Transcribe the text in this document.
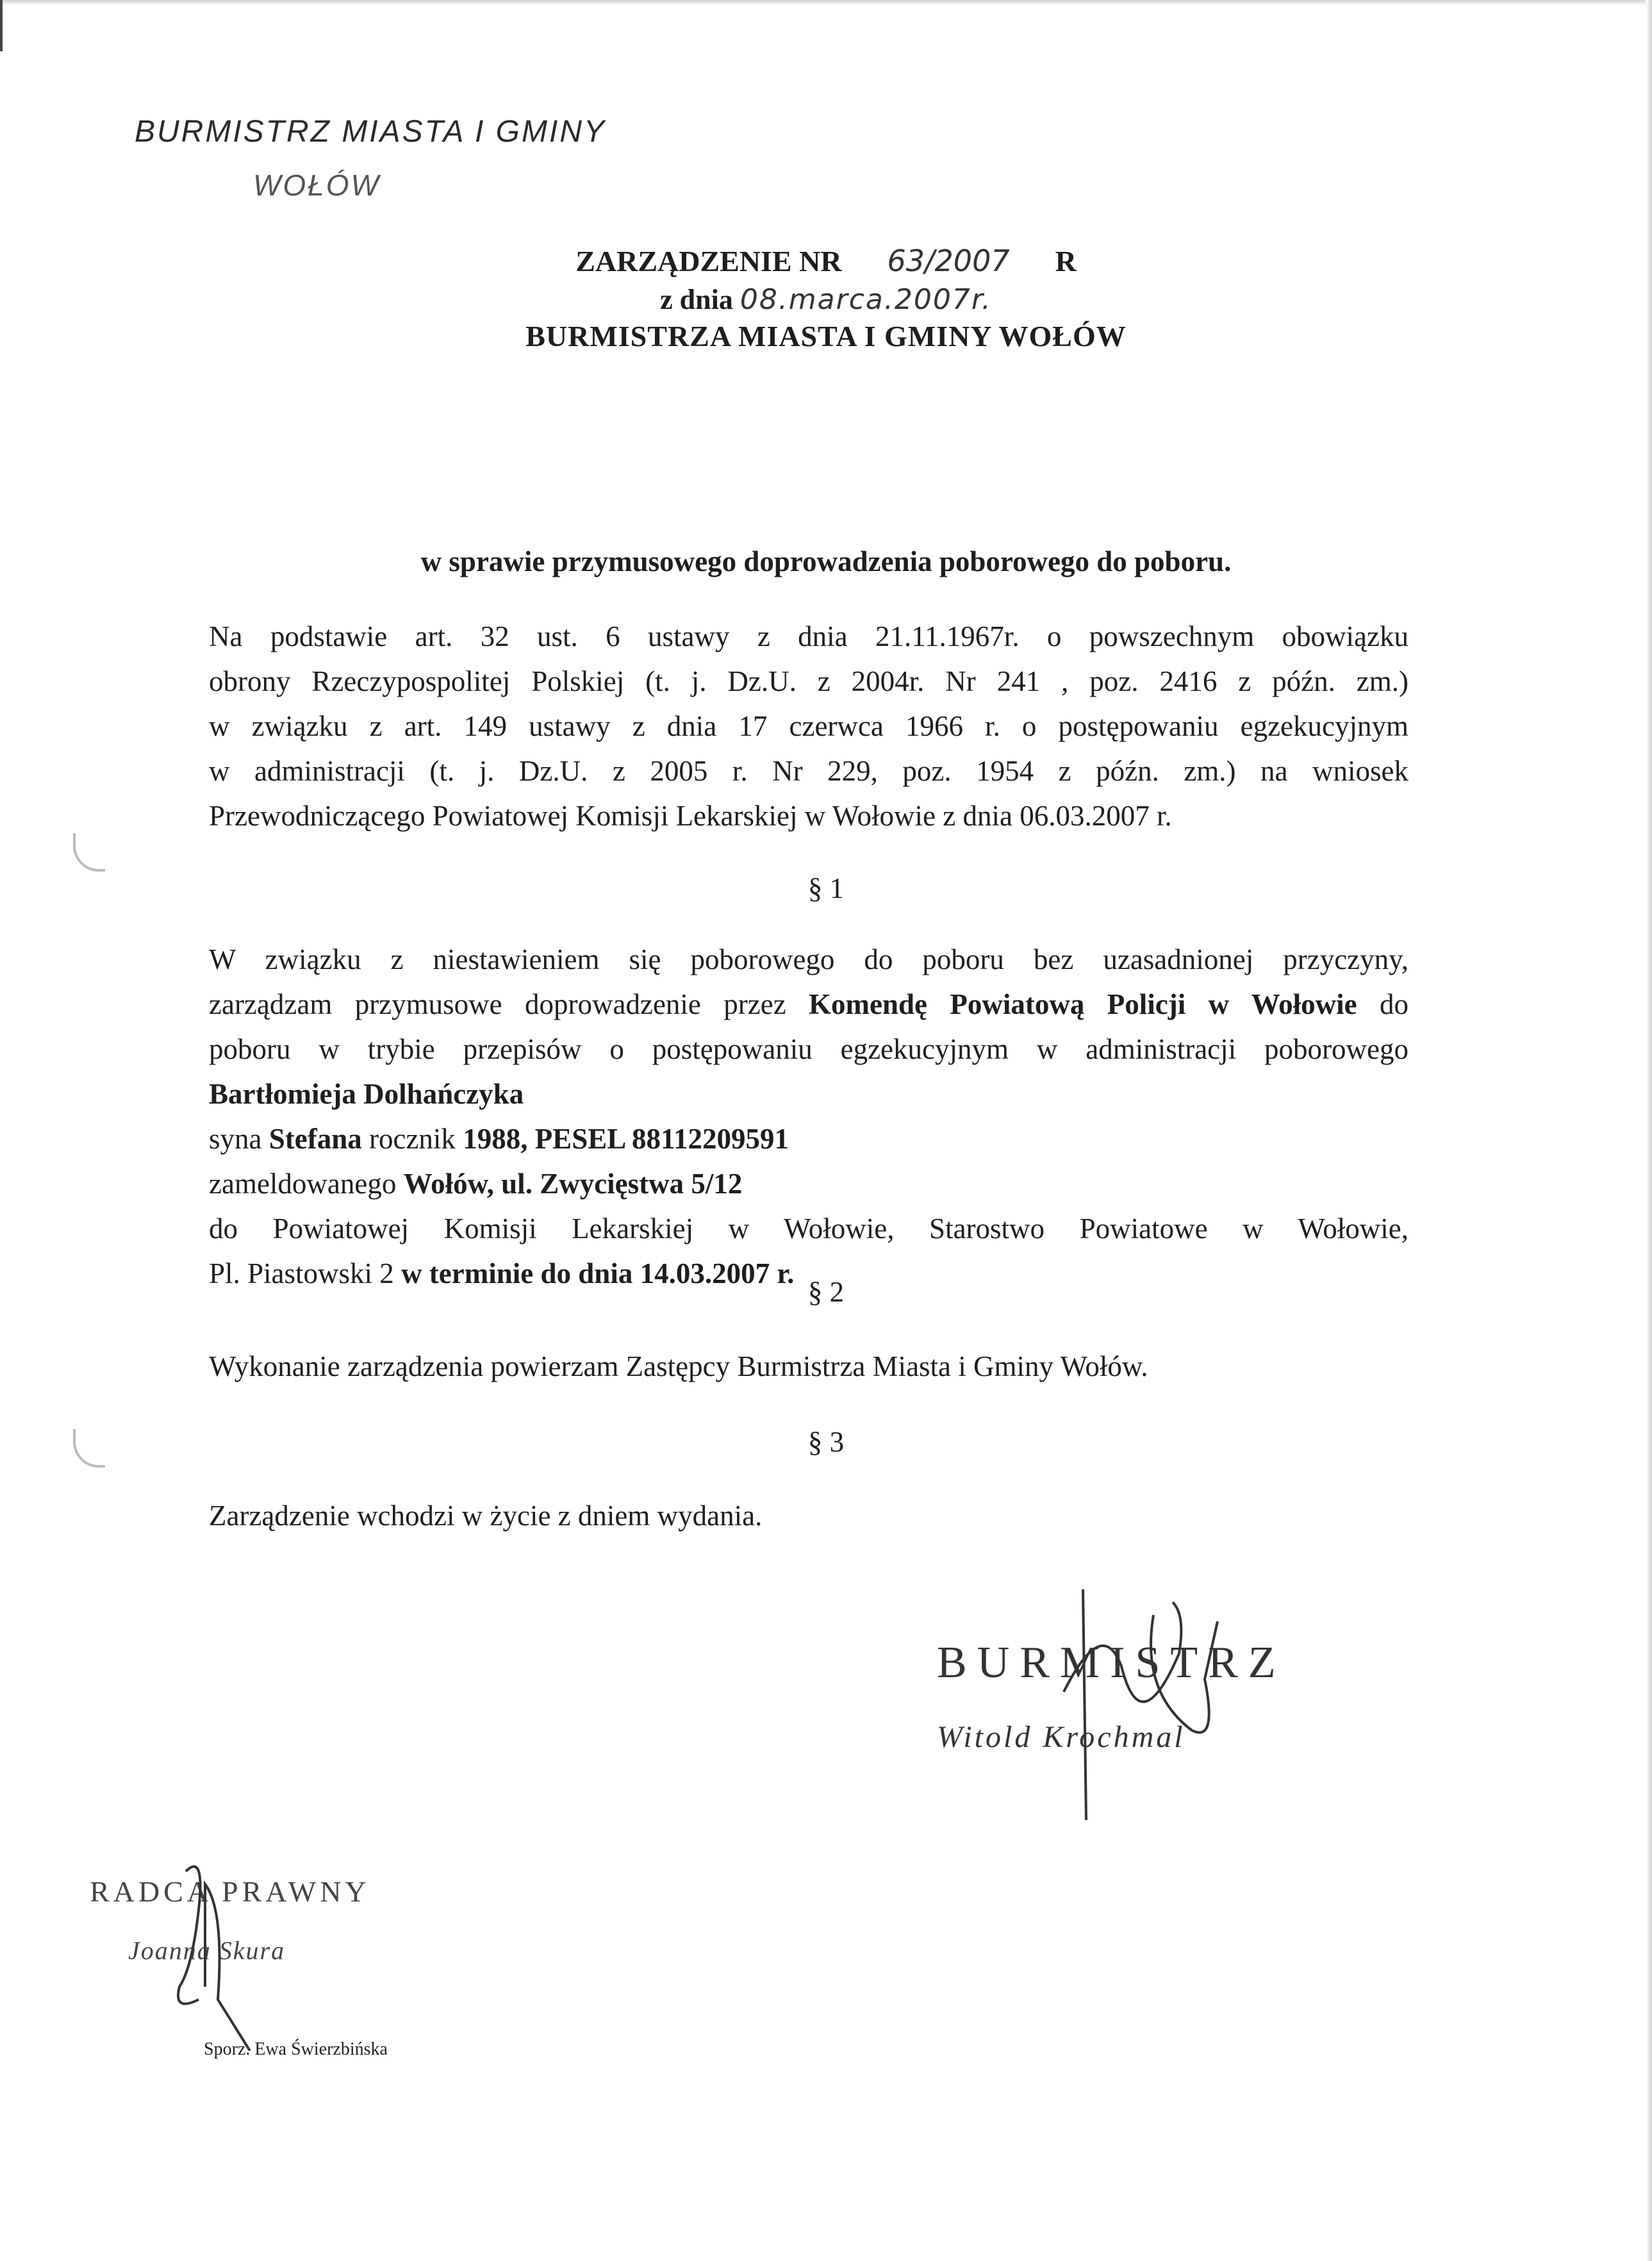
BURMISTRZ MIASTA I GMINY
WOŁÓW
ZARZĄDZENIE NR 63/2007 R
z dnia 08.marca.2007r.
BURMISTRZA MIASTA I GMINY WOŁÓW
w sprawie przymusowego doprowadzenia poborowego do poboru.
Na podstawie art. 32 ust. 6 ustawy z dnia 21.11.1967r. o powszechnym obowiązku
obrony Rzeczypospolitej Polskiej (t. j. Dz.U. z 2004r. Nr 241 , poz. 2416 z późn. zm.)
w związku z art. 149 ustawy z dnia 17 czerwca 1966 r. o postępowaniu egzekucyjnym
w administracji (t. j. Dz.U. z 2005 r. Nr 229, poz. 1954 z późn. zm.) na wniosek
Przewodniczącego Powiatowej Komisji Lekarskiej w Wołowie z dnia 06.03.2007 r.
§ 1
W związku z niestawieniem się poborowego do poboru bez uzasadnionej przyczyny,
zarządzam przymusowe doprowadzenie przez Komendę Powiatową Policji w Wołowie do
poboru w trybie przepisów o postępowaniu egzekucyjnym w administracji poborowego
Bartłomieja Dolhańczyka
syna Stefana rocznik 1988, PESEL 88112209591
zameldowanego Wołów, ul. Zwycięstwa 5/12
do Powiatowej Komisji Lekarskiej w Wołowie, Starostwo Powiatowe w Wołowie,
Pl. Piastowski 2 w terminie do dnia 14.03.2007 r.
§ 2
Wykonanie zarządzenia powierzam Zastępcy Burmistrza Miasta i Gminy Wołów.
§ 3
Zarządzenie wchodzi w życie z dniem wydania.
BURMISTRZ
Witold Krochmal
RADCA PRAWNY
Joanna Skura
Sporz. Ewa Świerzbińska
